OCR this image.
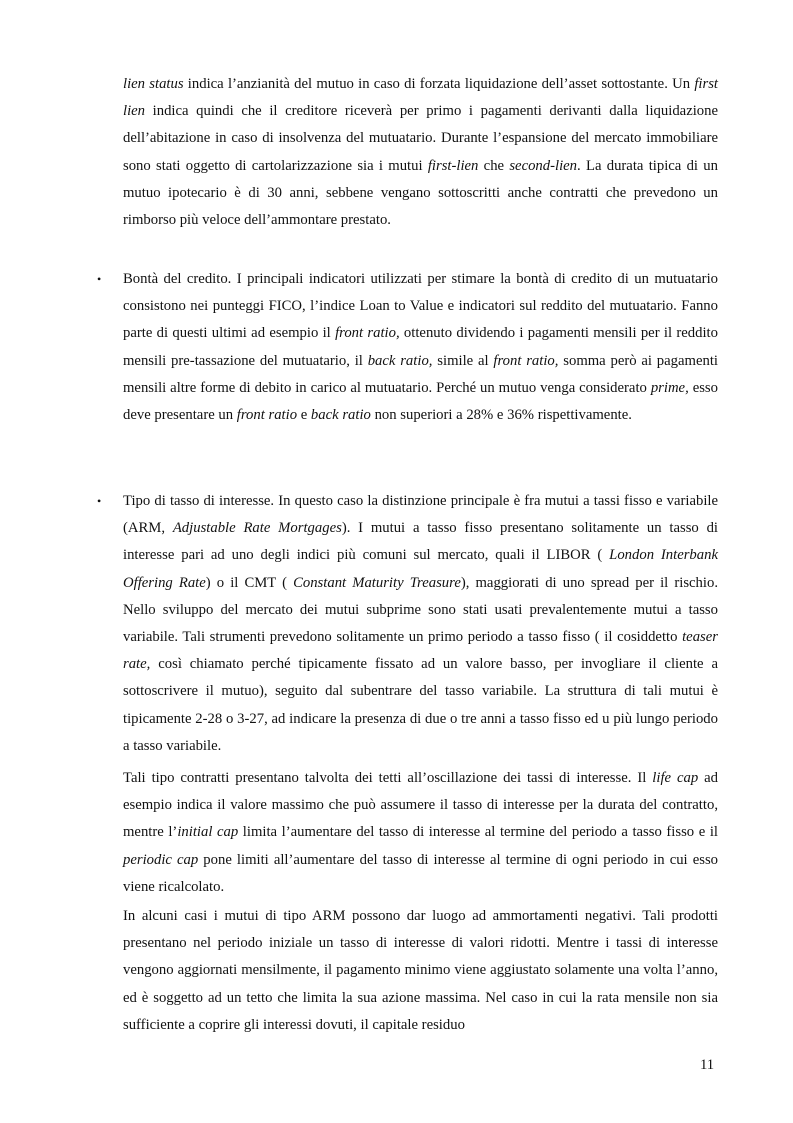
lien status indica l’anzianità del mutuo in caso di forzata liquidazione dell’asset sottostante. Un first lien indica quindi che il creditore riceverà per primo i pagamenti derivanti dalla liquidazione dell’abitazione in caso di insolvenza del mutuatario. Durante l’espansione del mercato immobiliare sono stati oggetto di cartolarizzazione sia i mutui first-lien che second-lien. La durata tipica di un mutuo ipotecario è di 30 anni, sebbene vengano sottoscritti anche contratti che prevedono un rimborso più veloce dell’ammontare prestato.

• Bontà del credito. I principali indicatori utilizzati per stimare la bontà di credito di un mutuatario consistono nei punteggi FICO, l’indice Loan to Value e indicatori sul reddito del mutuatario. Fanno parte di questi ultimi ad esempio il front ratio, ottenuto dividendo i pagamenti mensili per il reddito mensili pre-tassazione del mutuatario, il back ratio, simile al front ratio, somma però ai pagamenti mensili altre forme di debito in carico al mutuatario. Perché un mutuo venga considerato prime, esso deve presentare un front ratio e back ratio non superiori a 28% e 36% rispettivamente.

• Tipo di tasso di interesse. In questo caso la distinzione principale è fra mutui a tassi fisso e variabile (ARM, Adjustable Rate Mortgages). I mutui a tasso fisso presentano solitamente un tasso di interesse pari ad uno degli indici più comuni sul mercato, quali il LIBOR ( London Interbank Offering Rate) o il CMT ( Constant Maturity Treasure), maggiorati di uno spread per il rischio. Nello sviluppo del mercato dei mutui subprime sono stati usati prevalentemente mutui a tasso variabile. Tali strumenti prevedono solitamente un primo periodo a tasso fisso ( il cosiddetto teaser rate, così chiamato perché tipicamente fissato ad un valore basso, per invogliare il cliente a sottoscrivere il mutuo), seguito dal subentrare del tasso variabile. La struttura di tali mutui è tipicamente 2-28 o 3-27, ad indicare la presenza di due o tre anni a tasso fisso ed u più lungo periodo a tasso variabile.

Tali tipo contratti presentano talvolta dei tetti all’oscillazione dei tassi di interesse. Il life cap ad esempio indica il valore massimo che può assumere il tasso di interesse per la durata del contratto, mentre l’initial cap limita l’aumentare del tasso di interesse al termine del periodo a tasso fisso e il periodic cap pone limiti all’aumentare del tasso di interesse al termine di ogni periodo in cui esso viene ricalcolato.

In alcuni casi i mutui di tipo ARM possono dar luogo ad ammortamenti negativi. Tali prodotti presentano nel periodo iniziale un tasso di interesse di valori ridotti. Mentre i tassi di interesse vengono aggiornati mensilmente, il pagamento minimo viene aggiustato solamente una volta l’anno, ed è soggetto ad un tetto che limita la sua azione massima. Nel caso in cui la rata mensile non sia sufficiente a coprire gli interessi dovuti, il capitale residuo

11
